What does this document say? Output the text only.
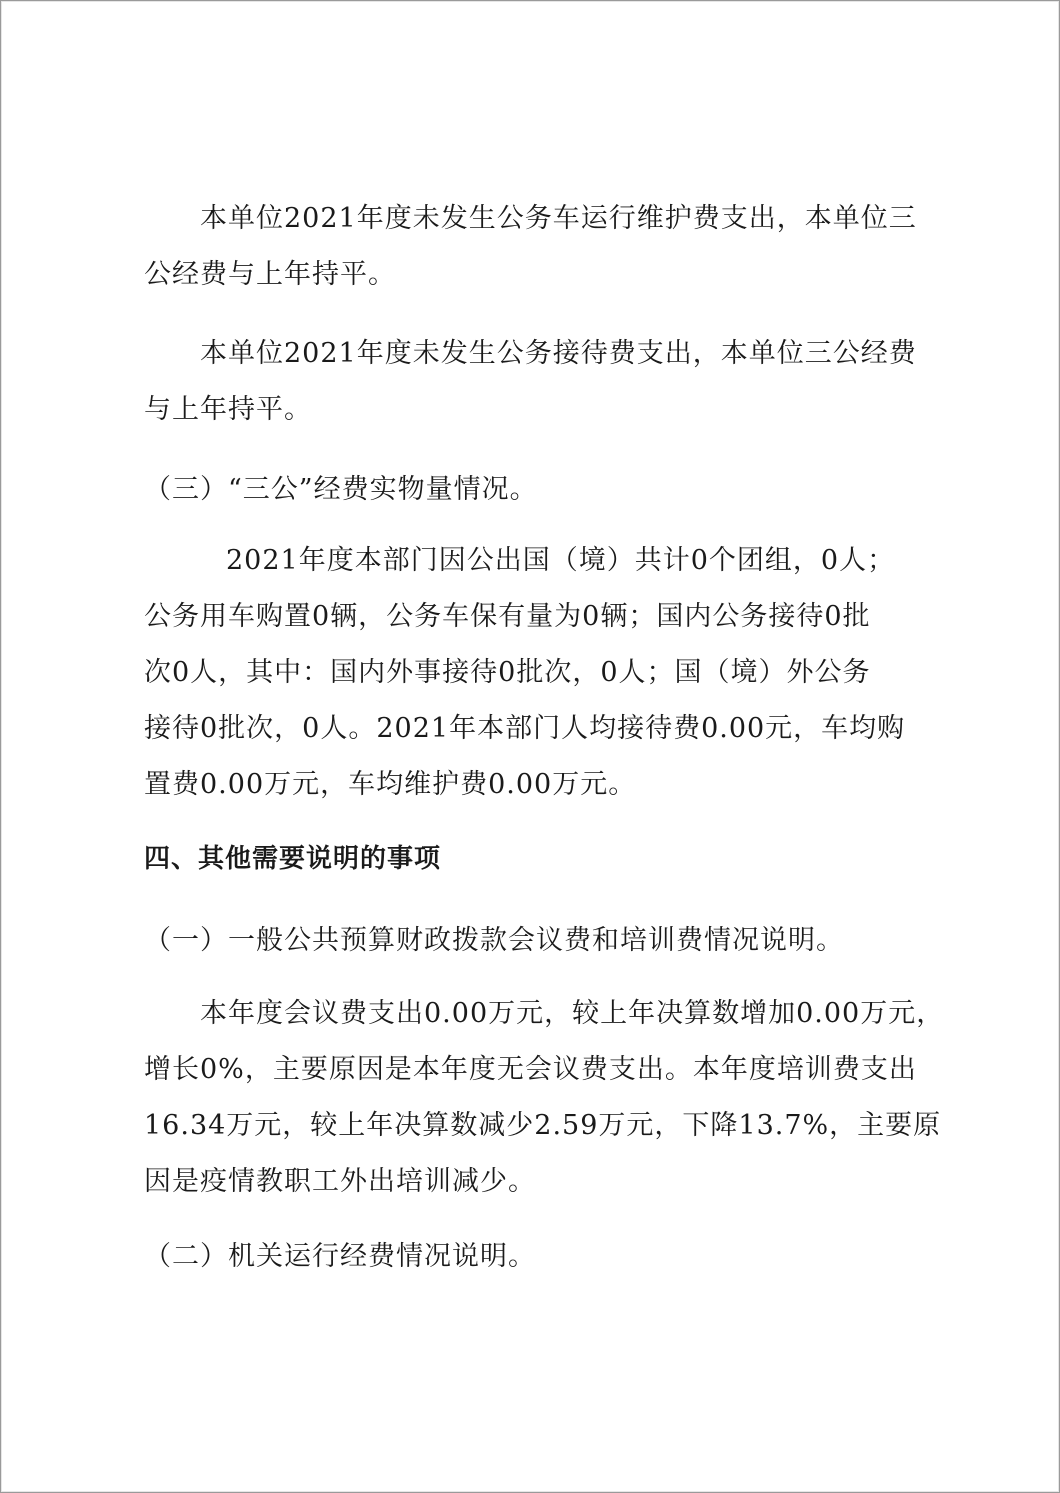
本单位2021年度未发生公务车运行维护费支出，本单位三
公经费与上年持平。
本单位2021年度未发生公务接待费支出，本单位三公经费
与上年持平。
（三）“三公”经费实物量情况。
2021年度本部门因公出国（境）共计0个团组，0人；
公务用车购置0辆，公务车保有量为0辆；国内公务接待0批
次0人，其中：国内外事接待0批次，0人；国（境）外公务
接待0批次，0人。2021年本部门人均接待费0.00元，车均购
置费0.00万元，车均维护费0.00万元。
四、其他需要说明的事项
（一）一般公共预算财政拨款会议费和培训费情况说明。
本年度会议费支出0.00万元，较上年决算数增加0.00万元，
增长0%，主要原因是本年度无会议费支出。本年度培训费支出
16.34万元，较上年决算数减少2.59万元，下降13.7%，主要原
因是疫情教职工外出培训减少。
（二）机关运行经费情况说明。
